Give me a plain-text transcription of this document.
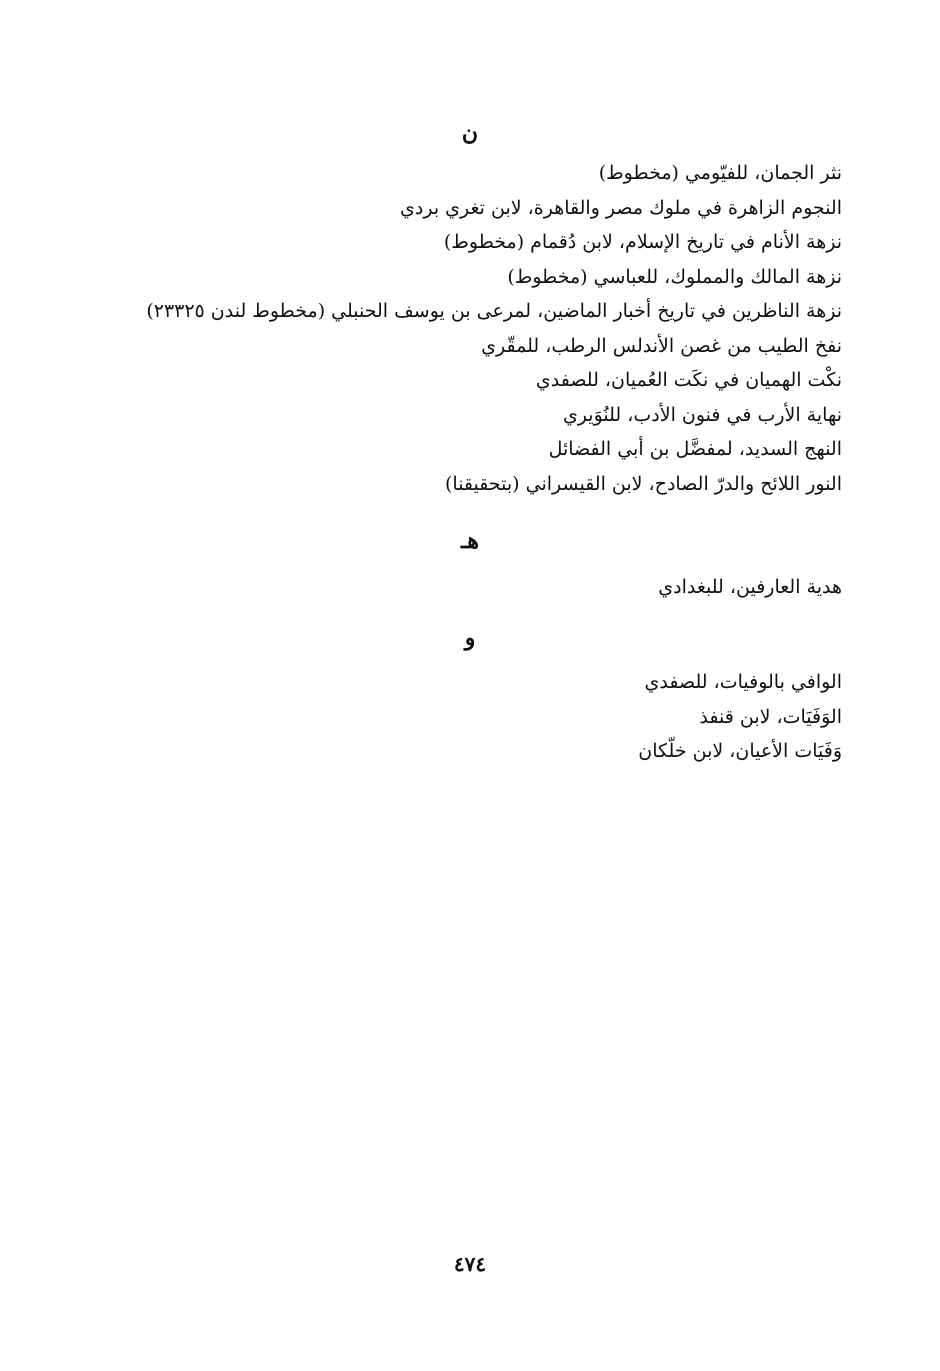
ن
نثر الجمان، للفيّومي (مخطوط)
النجوم الزاهرة في ملوك مصر والقاهرة، لابن تغري بردي
نزهة الأنام في تاريخ الإسلام، لابن دُقمام (مخطوط)
نزهة المالك والمملوك، للعباسي (مخطوط)
نزهة الناظرين في تاريخ أخبار الماضين، لمرعى بن يوسف الحنبلي (مخطوط لندن ٢٣٣٢٥)
نفخ الطيب من غصن الأندلس الرطب، للمقّري
نكْت الهميان في نكَت العُميان، للصفدي
نهاية الأرب في فنون الأدب، للنُوَيري
النهج السديد، لمفضَّل بن أبي الفضائل
النور اللائح والدرّ الصادح، لابن القيسراني (بتحقيقنا)
هـ
هدية العارفين، للبغدادي
و
الوافي بالوفيات، للصفدي
الوَفَيَات، لابن قنفذ
وَفَيَات الأعيان، لابن خلّكان
٤٧٤
